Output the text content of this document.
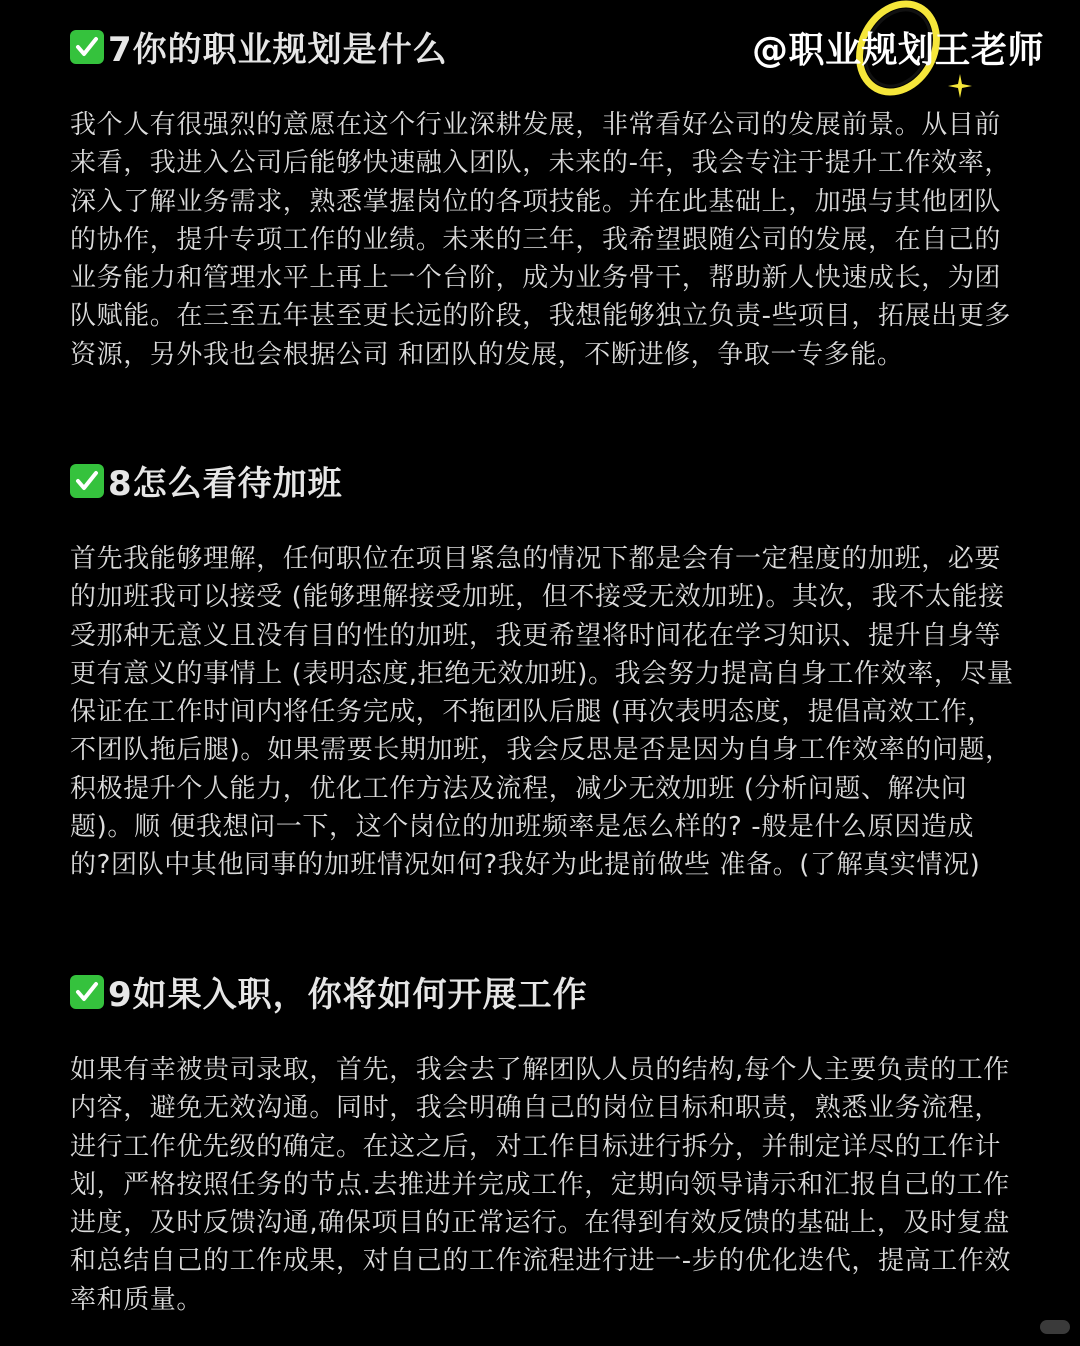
@职业规划王老师
7你的职业规划是什么

我个人有很强烈的意愿在这个行业深耕发展，非常看好公司的发展前景。从目前来看，我进入公司后能够快速融入团队，未来的-年，我会专注于提升工作效率，深入了解业务需求，熟悉掌握岗位的各项技能。并在此基础上，加强与其他团队的协作，提升专项工作的业绩。未来的三年，我希望跟随公司的发展，在自己的业务能力和管理水平上再上一个台阶，成为业务骨干，帮助新人快速成长，为团队赋能。在三至五年甚至更长远的阶段，我想能够独立负责-些项目，拓展出更多资源，另外我也会根据公司 和团队的发展，不断进修，争取一专多能。

8怎么看待加班

首先我能够理解，任何职位在项目紧急的情况下都是会有一定程度的加班，必要的加班我可以接受 (能够理解接受加班，但不接受无效加班)。其次，我不太能接受那种无意义且没有目的性的加班，我更希望将时间花在学习知识、提升自身等更有意义的事情上 (表明态度,拒绝无效加班)。我会努力提高自身工作效率，尽量保证在工作时间内将任务完成，不拖团队后腿 (再次表明态度，提倡高效工作，不团队拖后腿)。如果需要长期加班，我会反思是否是因为自身工作效率的问题，积极提升个人能力，优化工作方法及流程，减少无效加班 (分析问题、解决问题)。顺 便我想问一下，这个岗位的加班频率是怎么样的? -般是什么原因造成的?团队中其他同事的加班情况如何?我好为此提前做些 准备。(了解真实情况)

9如果入职，你将如何开展工作

如果有幸被贵司录取，首先，我会去了解团队人员的结构,每个人主要负责的工作内容，避免无效沟通。同时，我会明确自己的岗位目标和职责，熟悉业务流程，进行工作优先级的确定。在这之后，对工作目标进行拆分，并制定详尽的工作计划，严格按照任务的节点.去推进并完成工作，定期向领导请示和汇报自己的工作进度，及时反馈沟通,确保项目的正常运行。在得到有效反馈的基础上，及时复盘和总结自己的工作成果，对自己的工作流程进行进一-步的优化迭代，提高工作效率和质量。
